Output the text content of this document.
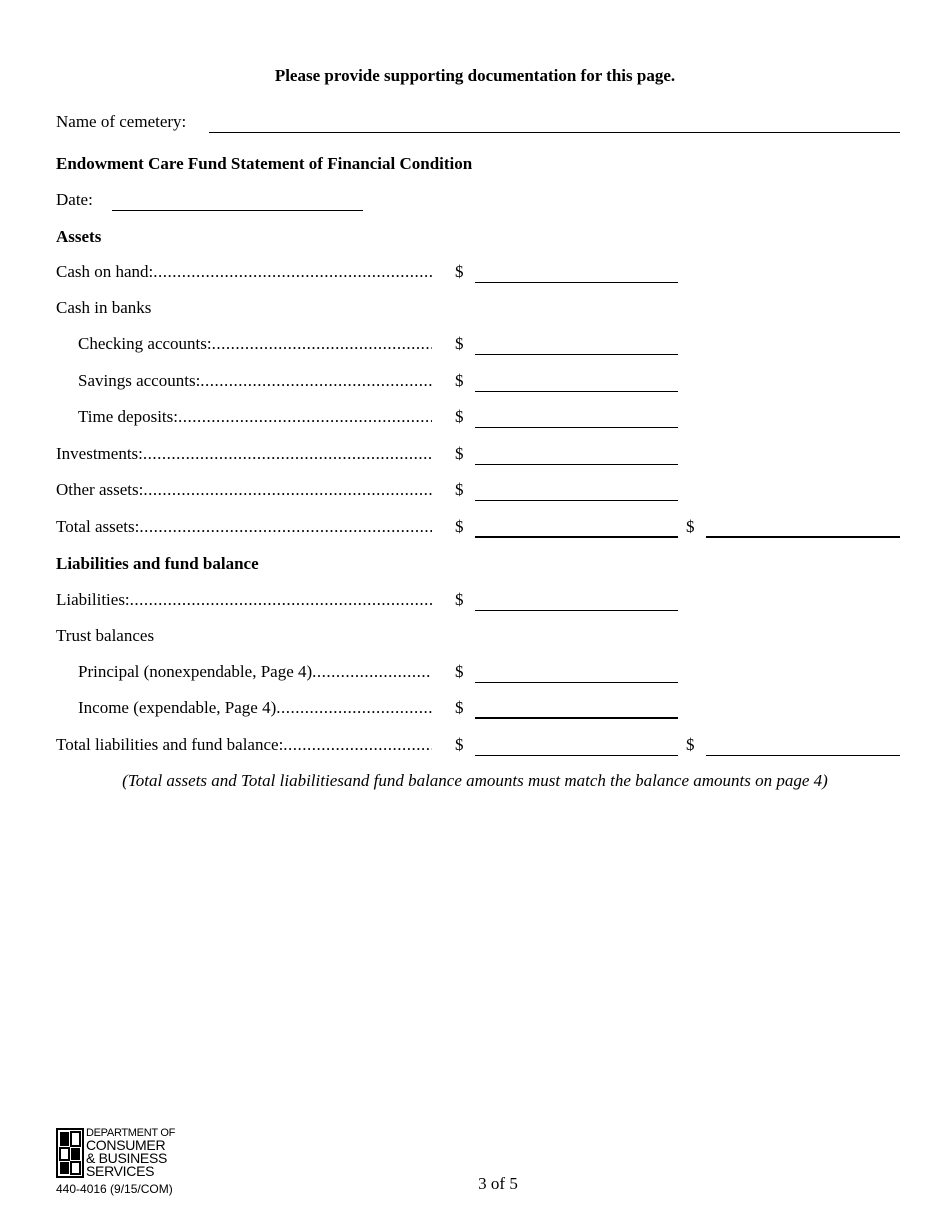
Please provide supporting documentation for this page.
Name of cemetery:
Endowment Care Fund Statement of Financial Condition
Date:
Assets
Cash on hand: .....	$
Cash in banks
Checking accounts: .....	$
Savings accounts: .....	$
Time deposits: .....	$
Investments: .....	$
Other assets: .....	$
Total assets: .....	$	$
Liabilities and fund balance
Liabilities: .....	$
Trust balances
Principal (nonexpendable, Page 4) .....	$
Income (expendable, Page 4) .....	$
Total liabilities and fund balance: .....	$	$
(Total assets and Total liabilitiesand fund balance amounts must match the balance amounts on page 4)
DEPARTMENT OF
CONSUMER
& BUSINESS
SERVICES
440-4016 (9/15/COM)	3 of 5
